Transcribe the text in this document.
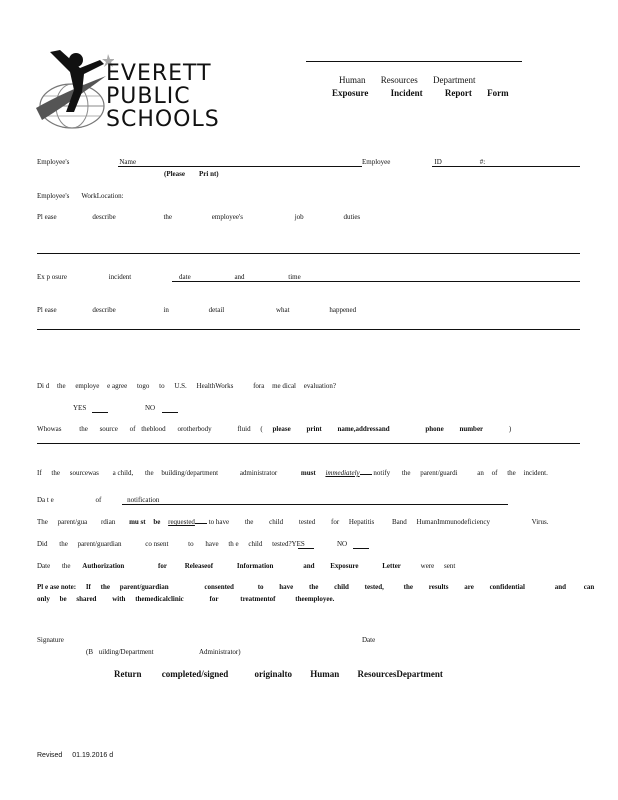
EVERETT
PUBLIC
SCHOOLS
Human Resources Department
Exposure Incident Report Form
Employee's	Name	Employee	ID	#:
(Please Pri nt)
Employee's WorkLocation:
Pl ease	describe	the	employee's	job	duties
Ex p osure	incident	date	and	time
Pl ease	describe	in	detail	what	happened
Di d the employe e agree togo to U.S. HealthWorks	fora me dical evaluation?
YES	NO
Whowas	the source of theblood orotherbody	fluid ( please print name,addressand	phone number	)
If the sourcewas a child, the building/department	administrator	must immediately notify the parent/guardi	an of the incident.
Da t e	of	notification
The parent/gua rdian mu st be requested to have the child tested for Hepatitis	Band HumanImmunodeficiency	Virus.
Did the parent/guardian	co nsent	to have th e child tested?YES	NO
Date the Authorization	for	Releaseof	Information	and Exposure	Letter	were sent
Pl e ase note: If the parent/guardian	consented	to have the child tested,	the results are confidential	and	can
only be shared with themedicalclinic	for	treatmentof	theemployee.
Signature	Date
(B uilding/Department	Administrator)
Return completed/signed	originalto Human ResourcesDepartment
Revised 01.19.2016 d
